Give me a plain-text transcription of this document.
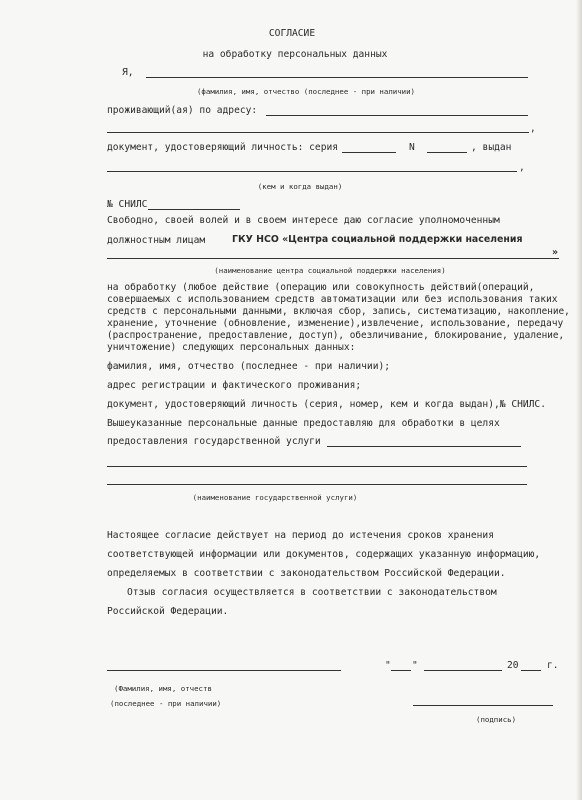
СОГЛАСИЕ
на обработку персональных данных
Я,
(фамилия, имя, отчество (последнее - при наличии)
проживающий(ая) по адресу:
,
документ, удостоверяющий личность: серия	N	, выдан
,
(кем и когда выдан)
№ СНИЛС
Свободно, своей волей и в своем интересе даю согласие уполномоченным
должностным лицам	ГКУ НСО «Центра социальной поддержки населения
»
(наименование центра социальной поддержки населения)
на обработку (любое действие (операцию или совокупность действий(операций,
совершаемых с использованием средств автоматизации или без использования таких
средств с персональными данными, включая сбор, запись, систематизацию, накопление,
хранение, уточнение (обновление, изменение),извлечение, использование, передачу
(распространение, предоставление, доступ), обезличивание, блокирование, удаление,
уничтожение) следующих персональных данных:
фамилия, имя, отчество (последнее - при наличии);
адрес регистрации и фактического проживания;
документ, удостоверяющий личность (серия, номер, кем и когда выдан),№ СНИЛС.
Вышеуказанные персональные данные предоставляю для обработки в целях
предоставления государственной услуги
(наименование государственной услуги)
Настоящее согласие действует на период до истечения сроков хранения
соответствующей информации или документов, содержащих указанную информацию,
определяемых в соответствии с законодательством Российской Федерации.
Отзыв согласия осуществляется в соответствии с законодательством
Российской Федерации.
" "	20	г.
(Фамилия, имя, отчеств
(последнее - при наличии)
(подпись)
